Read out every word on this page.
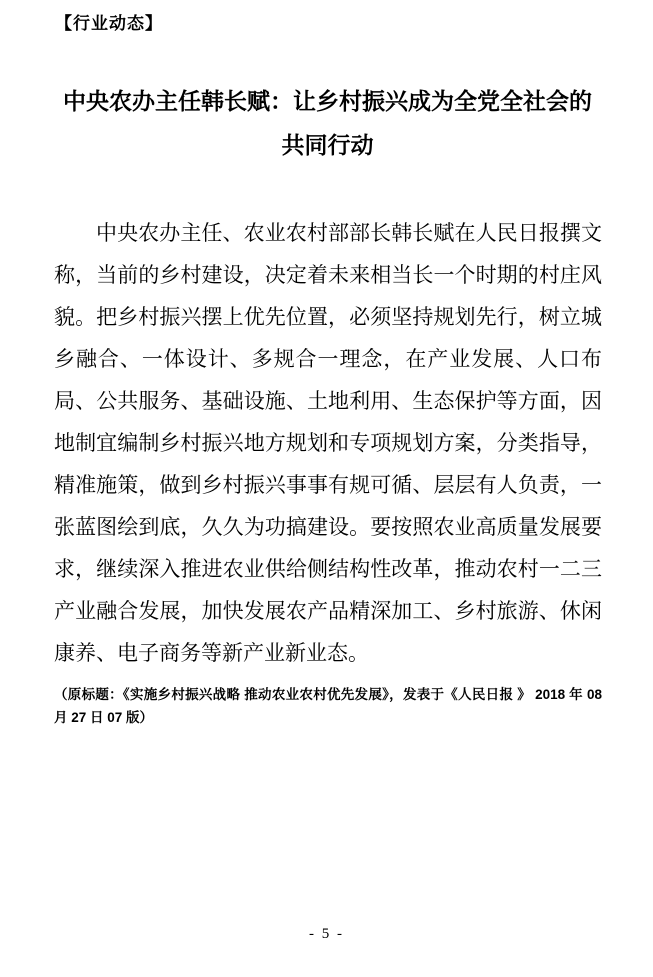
【行业动态】
中央农办主任韩长赋：让乡村振兴成为全党全社会的共同行动

中央农办主任、农业农村部部长韩长赋在人民日报撰文称，当前的乡村建设，决定着未来相当长一个时期的村庄风貌。把乡村振兴摆上优先位置，必须坚持规划先行，树立城乡融合、一体设计、多规合一理念，在产业发展、人口布局、公共服务、基础设施、土地利用、生态保护等方面，因地制宜编制乡村振兴地方规划和专项规划方案，分类指导，精准施策，做到乡村振兴事事有规可循、层层有人负责，一张蓝图绘到底，久久为功搞建设。要按照农业高质量发展要求，继续深入推进农业供给侧结构性改革，推动农村一二三产业融合发展，加快发展农产品精深加工、乡村旅游、休闲康养、电子商务等新产业新业态。

（原标题：《实施乡村振兴战略 推动农业农村优先发展》，发表于《人民日报 》 2018 年 08 月 27 日 07 版）

- 5 -
